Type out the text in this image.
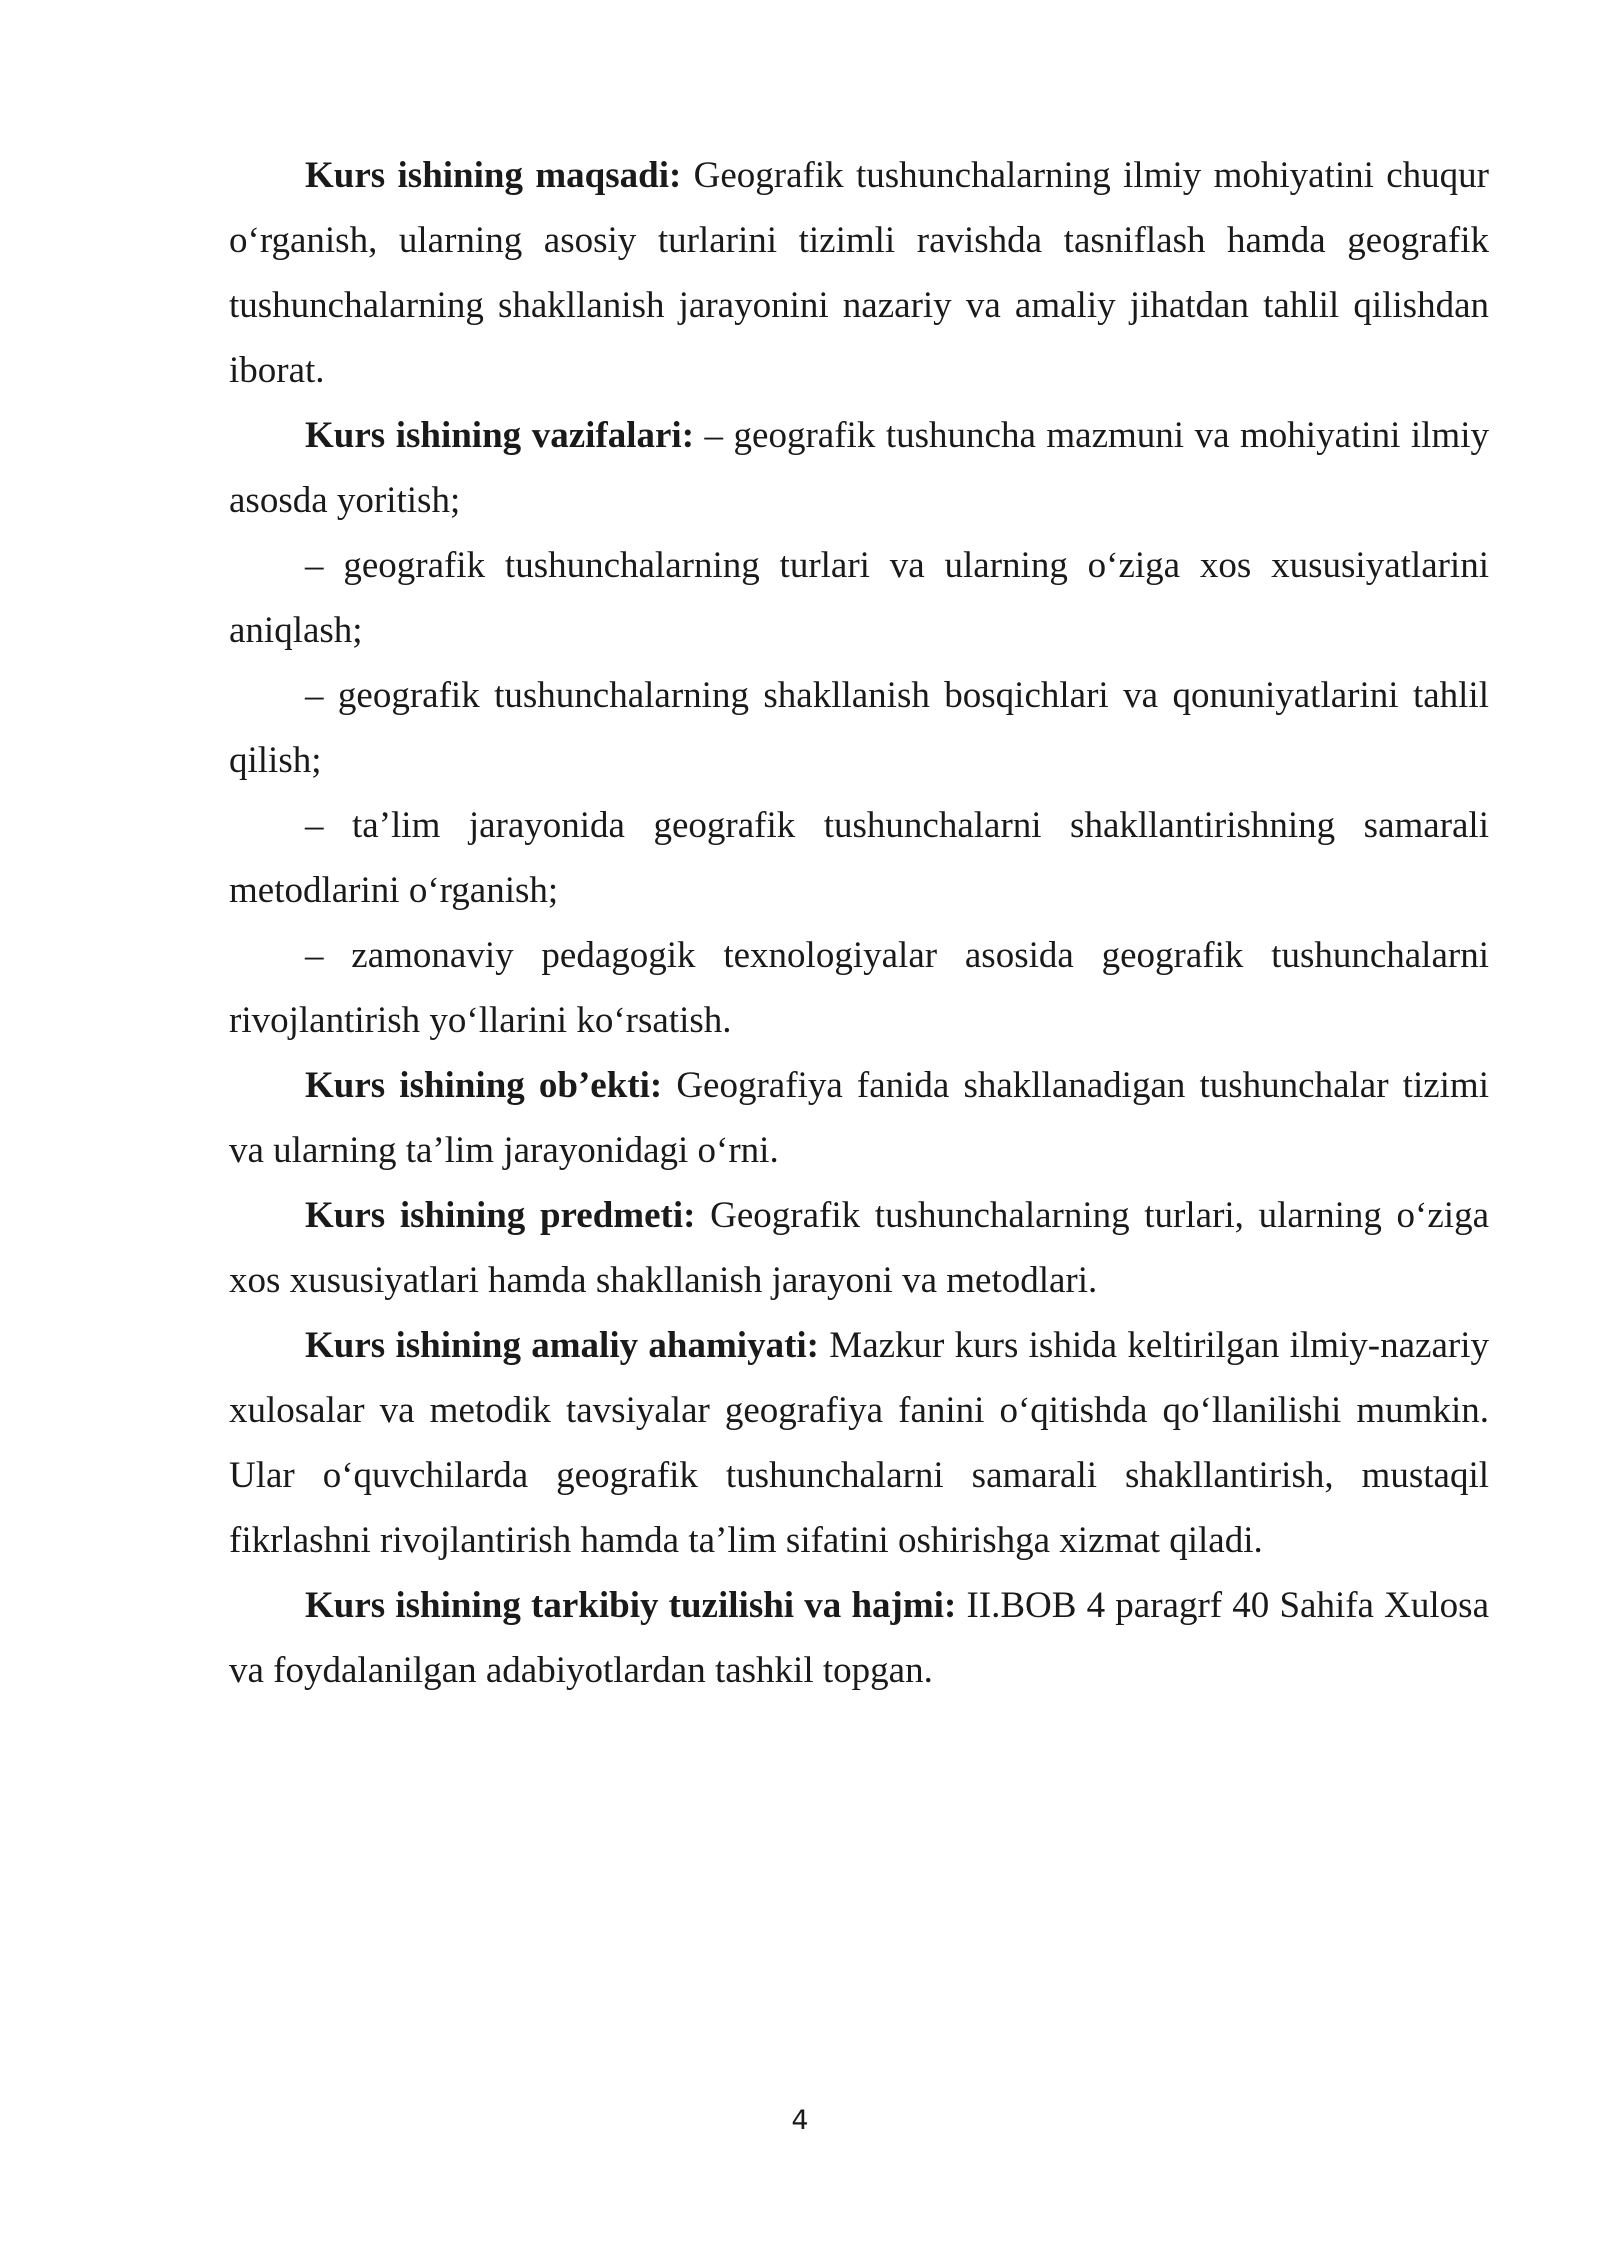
Kurs ishining maqsadi: Geografik tushunchalarning ilmiy mohiyatini chuqur o‘rganish, ularning asosiy turlarini tizimli ravishda tasniflash hamda geografik tushunchalarning shakllanish jarayonini nazariy va amaliy jihatdan tahlil qilishdan iborat.

Kurs ishining vazifalari: – geografik tushuncha mazmuni va mohiyatini ilmiy asosda yoritish;

– geografik tushunchalarning turlari va ularning o‘ziga xos xususiyatlarini aniqlash;

– geografik tushunchalarning shakllanish bosqichlari va qonuniyatlarini tahlil qilish;

– ta’lim jarayonida geografik tushunchalarni shakllantirishning samarali metodlarini o‘rganish;

– zamonaviy pedagogik texnologiyalar asosida geografik tushunchalarni rivojlantirish yo‘llarini ko‘rsatish.

Kurs ishining ob’ekti: Geografiya fanida shakllanadigan tushunchalar tizimi va ularning ta’lim jarayonidagi o‘rni.

Kurs ishining predmeti: Geografik tushunchalarning turlari, ularning o‘ziga xos xususiyatlari hamda shakllanish jarayoni va metodlari.

Kurs ishining amaliy ahamiyati: Mazkur kurs ishida keltirilgan ilmiy-nazariy xulosalar va metodik tavsiyalar geografiya fanini o‘qitishda qo‘llanilishi mumkin. Ular o‘quvchilarda geografik tushunchalarni samarali shakllantirish, mustaqil fikrlashni rivojlantirish hamda ta’lim sifatini oshirishga xizmat qiladi.

Kurs ishining tarkibiy tuzilishi va hajmi: II.BOB 4 paragrf 40 Sahifa Xulosa va foydalanilgan adabiyotlardan tashkil topgan.

4
